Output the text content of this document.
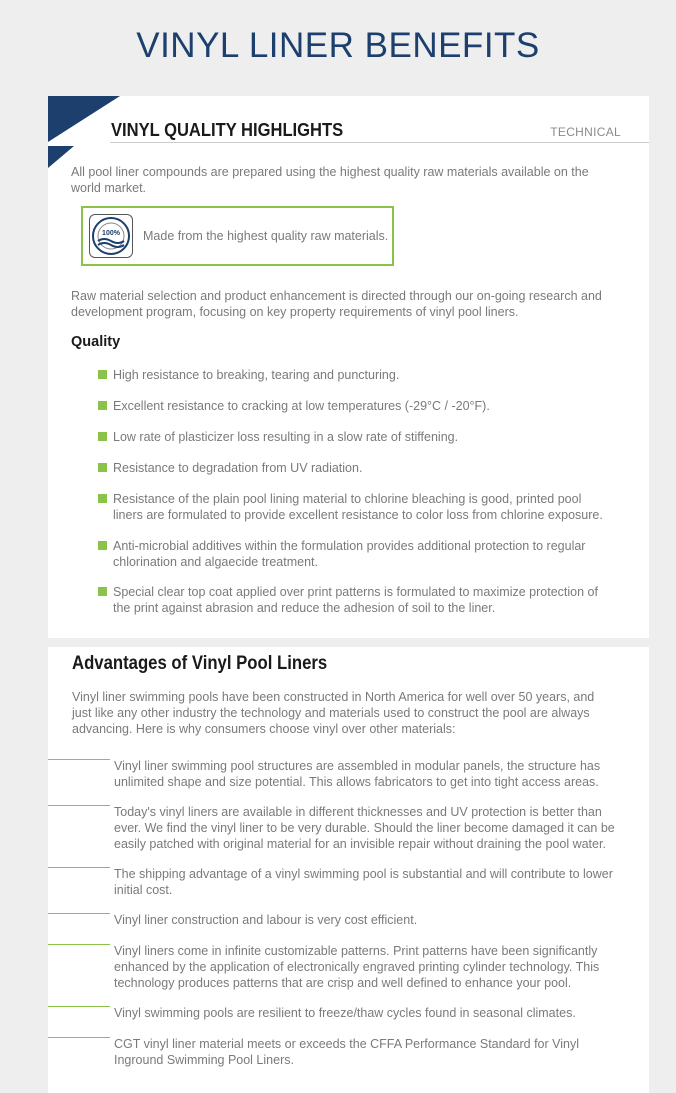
VINYL LINER BENEFITS
VINYL QUALITY HIGHLIGHTS	TECHNICAL

All pool liner compounds are prepared using the highest quality raw materials available on the world market.

100% Made from the highest quality raw materials.

Raw material selection and product enhancement is directed through our on-going research and development program, focusing on key property requirements of vinyl pool liners.

Quality
High resistance to breaking, tearing and puncturing.
Excellent resistance to cracking at low temperatures (-29°C / -20°F).
Low rate of plasticizer loss resulting in a slow rate of stiffening.
Resistance to degradation from UV radiation.
Resistance of the plain pool lining material to chlorine bleaching is good, printed pool liners are formulated to provide excellent resistance to color loss from chlorine exposure.
Anti-microbial additives within the formulation provides additional protection to regular chlorination and algaecide treatment.
Special clear top coat applied over print patterns is formulated to maximize protection of the print against abrasion and reduce the adhesion of soil to the liner.
Advantages of Vinyl Pool Liners

Vinyl liner swimming pools have been constructed in North America for well over 50 years, and just like any other industry the technology and materials used to construct the pool are always advancing. Here is why consumers choose vinyl over other materials:

Vinyl liner swimming pool structures are assembled in modular panels, the structure has unlimited shape and size potential. This allows fabricators to get into tight access areas.
Today's vinyl liners are available in different thicknesses and UV protection is better than ever. We find the vinyl liner to be very durable. Should the liner become damaged it can be easily patched with original material for an invisible repair without draining the pool water.
The shipping advantage of a vinyl swimming pool is substantial and will contribute to lower initial cost.
Vinyl liner construction and labour is very cost efficient.
Vinyl liners come in infinite customizable patterns. Print patterns have been significantly enhanced by the application of electronically engraved printing cylinder technology. This technology produces patterns that are crisp and well defined to enhance your pool.
Vinyl swimming pools are resilient to freeze/thaw cycles found in seasonal climates.
CGT vinyl liner material meets or exceeds the CFFA Performance Standard for Vinyl Inground Swimming Pool Liners.
